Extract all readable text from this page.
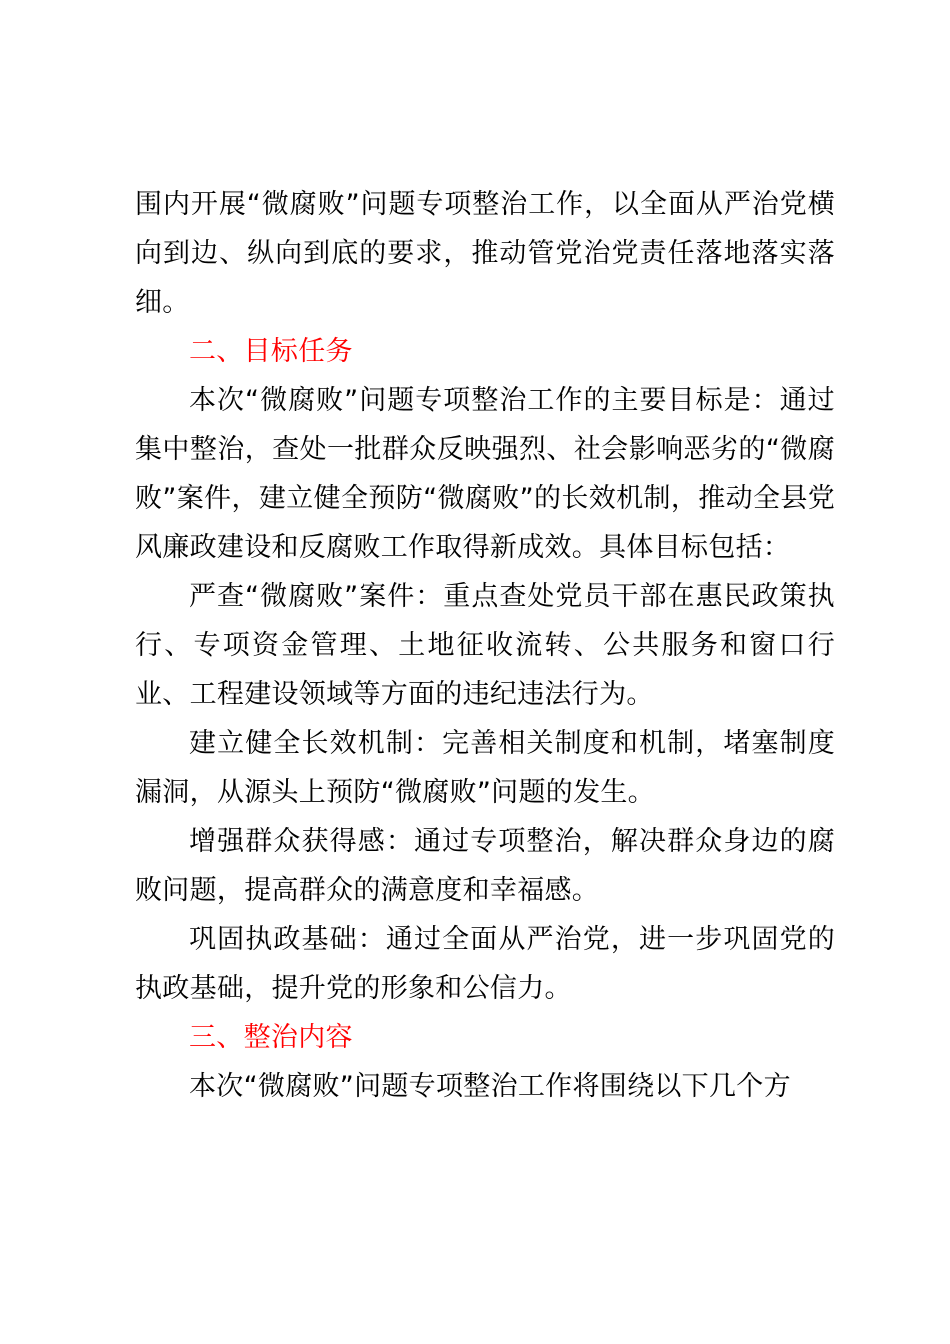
围内开展“微腐败”问题专项整治工作，以全面从严治党横向到边、纵向到底的要求，推动管党治党责任落地落实落细。

二、目标任务

本次“微腐败”问题专项整治工作的主要目标是：通过集中整治，查处一批群众反映强烈、社会影响恶劣的“微腐败”案件，建立健全预防“微腐败”的长效机制，推动全县党风廉政建设和反腐败工作取得新成效。具体目标包括：

严查“微腐败”案件：重点查处党员干部在惠民政策执行、专项资金管理、土地征收流转、公共服务和窗口行业、工程建设领域等方面的违纪违法行为。

建立健全长效机制：完善相关制度和机制，堵塞制度漏洞，从源头上预防“微腐败”问题的发生。

增强群众获得感：通过专项整治，解决群众身边的腐败问题，提高群众的满意度和幸福感。

巩固执政基础：通过全面从严治党，进一步巩固党的执政基础，提升党的形象和公信力。

三、整治内容

本次“微腐败”问题专项整治工作将围绕以下几个方
